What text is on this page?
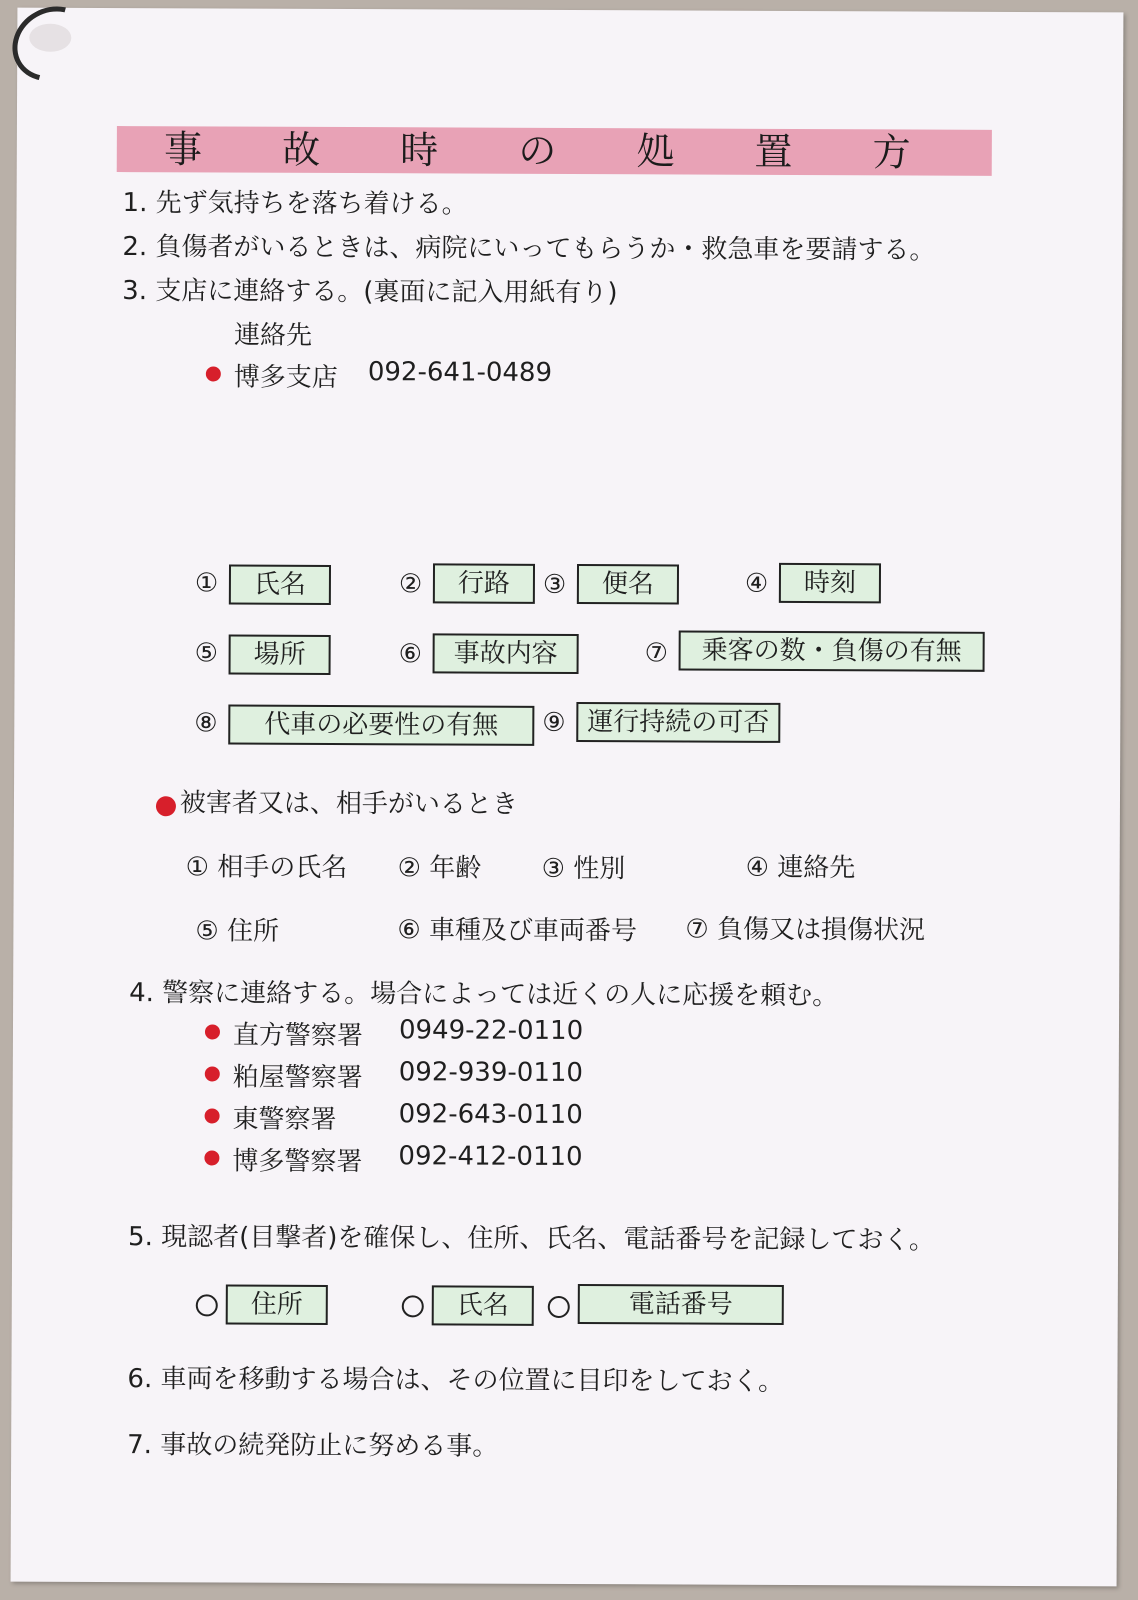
事 故 時 の 処 置 方
1. 先ず気持ちを落ち着ける。
2. 負傷者がいるときは、病院にいってもらうか・救急車を要請する。
3. 支店に連絡する。(裏面に記入用紙有り)
連絡先
博多支店 092-641-0489
①	氏名	②	行路	③	便名	④	時刻
⑤	場所	⑥	事故内容	⑦	乗客の数・負傷の有無
⑧	代車の必要性の有無	⑨ 運行持続の可否
被害者又は、相手がいるとき
① 相手の氏名 ② 年齢 ③ 性別	④ 連絡先
⑤ 住所	⑥ 車種及び車両番号 ⑦ 負傷又は損傷状況
4. 警察に連絡する。場合によっては近くの人に応援を頼む。
直方警察署 0949-22-0110
粕屋警察署 092-939-0110
東警察署 092-643-0110
博多警察署 092-412-0110
5. 現認者(目撃者)を確保し、住所、氏名、電話番号を記録しておく。
住所	氏名	電話番号
6. 車両を移動する場合は、その位置に目印をしておく。
7. 事故の続発防止に努める事。
